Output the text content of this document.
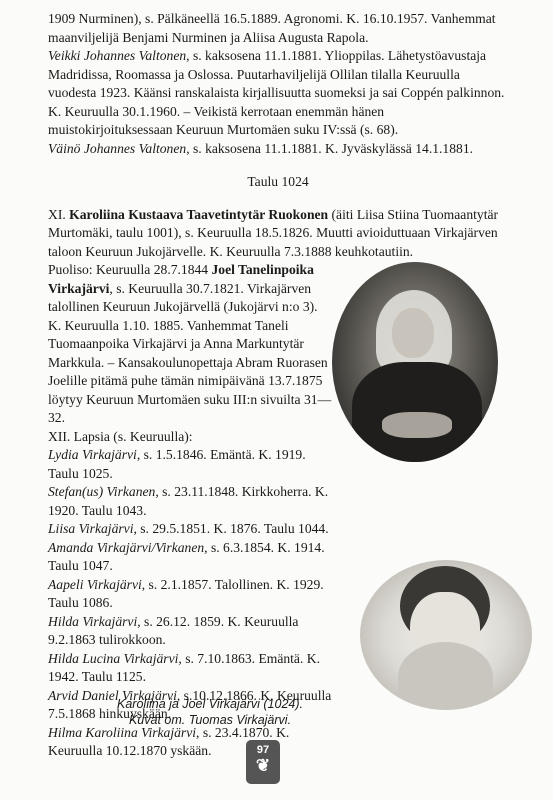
1909 Nurminen), s. Pälkäneellä 16.5.1889. Agronomi. K. 16.10.1957. Vanhemmat maanviljelijä Benjami Nurminen ja Aliisa Augusta Rapola.

Veikki Johannes Valtonen, s. kaksosena 11.1.1881. Ylioppilas. Lähetystöavustaja Madridissa, Roomassa ja Oslossa. Puutarhaviljelijä Ollilan tilalla Keuruulla vuodesta 1923. Käänsi ranskalaista kirjallisuutta suomeksi ja sai Coppén palkinnon. K. Keuruulla 30.1.1960. – Veikistä kerrotaan enemmän hänen muistokirjoituksessaan Keuruun Murtomäen suku IV:ssä (s. 68).

Väinö Johannes Valtonen, s. kaksosena 11.1.1881. K. Jyväskylässä 14.1.1881.

Taulu 1024

XI. Karoliina Kustaava Taavetintytär Ruokonen (äiti Liisa Stiina Tuomaantytär Murtomäki, taulu 1001), s. Keuruulla 18.5.1826. Muutti avioiduttuaan Virkajärven taloon Keuruun Jukojärvelle. K. Keuruulla 7.3.1888 keuhkotautiin.

Puoliso: Keuruulla 28.7.1844 Joel Tanelinpoika Virkajärvi, s. Keuruulla 30.7.1821. Virkajärven talollinen Keuruun Jukojärvellä (Jukojärvi n:o 3). K. Keuruulla 1.10. 1885. Vanhemmat Taneli Tuomaanpoika Virkajärvi ja Anna Markuntytär Markkula. – Kansakoulunopettaja Abram Ruorasen Joelille pitämä puhe tämän nimipäivänä 13.7.1875 löytyy Keuruun Murtomäen suku III:n sivuilta 31—32.

XII. Lapsia (s. Keuruulla):

Lydia Virkajärvi, s. 1.5.1846. Emäntä. K. 1919. Taulu 1025.

Stefan(us) Virkanen, s. 23.11.1848. Kirkkoherra. K. 1920. Taulu 1043.

Liisa Virkajärvi, s. 29.5.1851. K. 1876. Taulu 1044.

Amanda Virkajärvi/Virkanen, s. 6.3.1854. K. 1914. Taulu 1047.

Aapeli Virkajärvi, s. 2.1.1857. Talollinen. K. 1929. Taulu 1086.

Hilda Virkajärvi, s. 26.12. 1859. K. Keuruulla 9.2.1863 tulirokkoon.

Hilda Lucina Virkajärvi, s. 7.10.1863. Emäntä. K. 1942. Taulu 1125.

Arvid Daniel Virkajärvi, s.10.12.1866. K. Keuruulla 7.5.1868 hinkuyskään.

Hilma Karoliina Virkajärvi, s. 23.4.1870. K. Keuruulla 10.12.1870 yskään.

Karoliina ja Joel Virkajärvi (1024).
Kuvat om. Tuomas Virkajärvi.
97
❦
